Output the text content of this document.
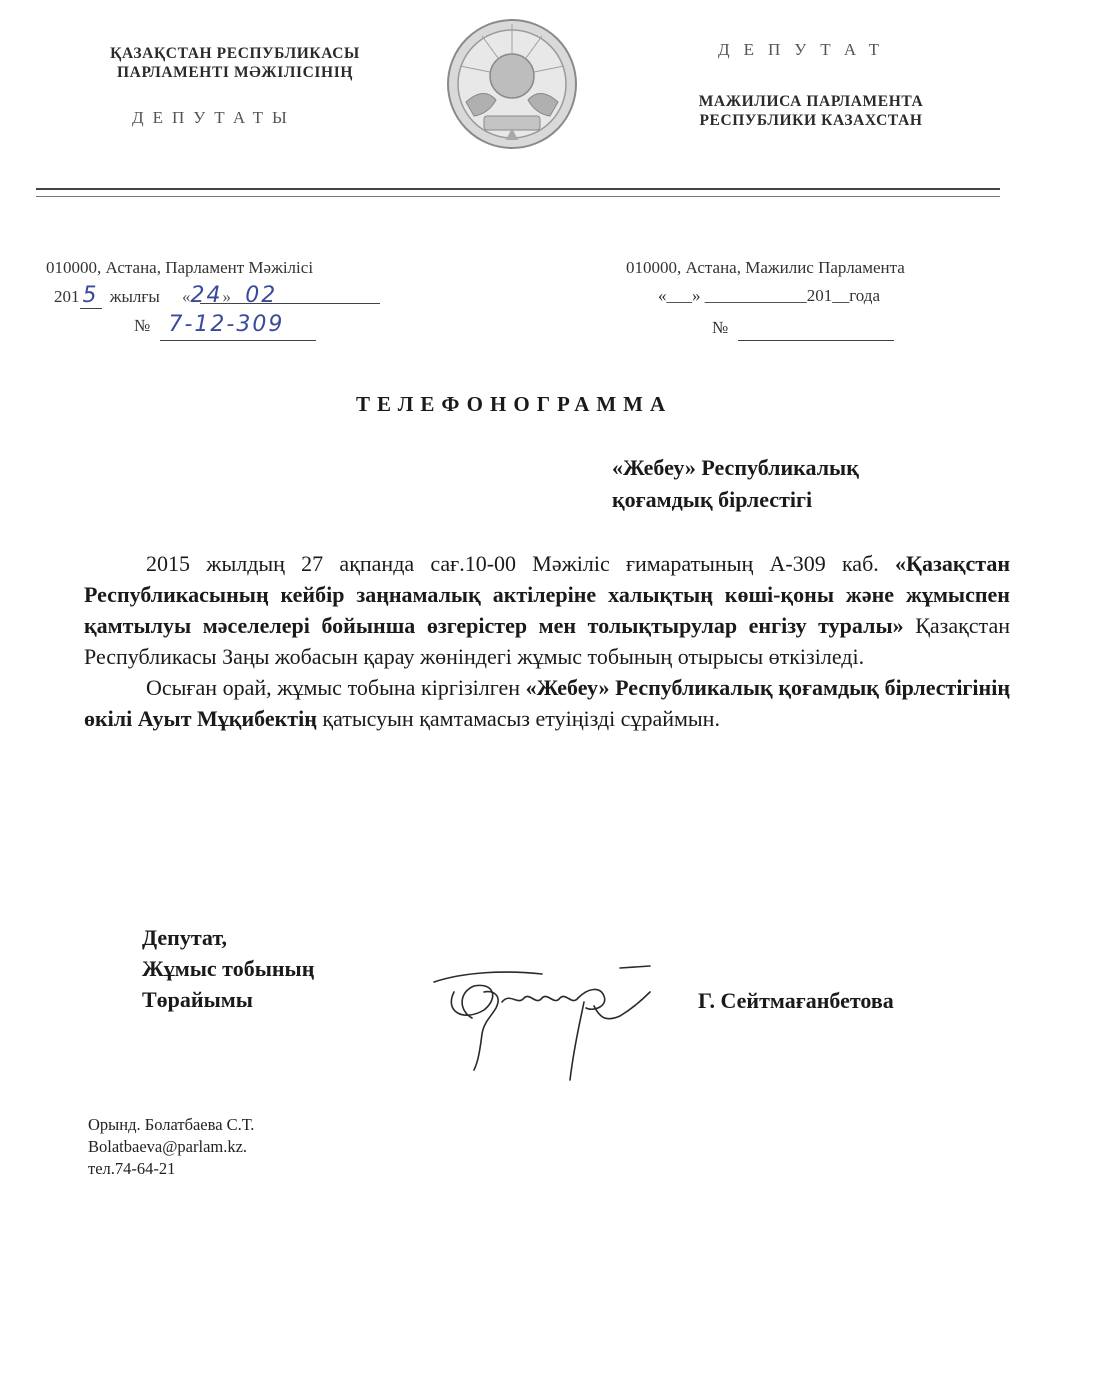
ҚАЗАҚСТАН РЕСПУБЛИКАСЫ
ПАРЛАМЕНТІ МӘЖІЛІСІНІҢ
ДЕПУТАТЫ
ДЕПУТАТ
МАЖИЛИСА ПАРЛАМЕНТА
РЕСПУБЛИКИ КАЗАХСТАН
010000, Астана, Парламент Мәжілісі
201 5 жылғы «24» 02
№ 7-12-309
010000, Астана, Мажилис Парламента
«___» ____________201__года
№
ТЕЛЕФОНОГРАММА
«Жебеу» Республикалық
қоғамдық бірлестігі

2015 жылдың 27 ақпанда сағ.10-00 Мәжіліс ғимаратының А-309 каб. «Қазақстан Республикасының кейбір заңнамалық актілеріне халықтың көші-қоны және жұмыспен қамтылуы мәселелері бойынша өзгерістер мен толықтырулар енгізу туралы» Қазақстан Республикасы Заңы жобасын қарау жөніндегі жұмыс тобының отырысы өткізіледі.

Осыған орай, жұмыс тобына кіргізілген «Жебеу» Республикалық қоғамдық бірлестігінің өкілі Ауыт Мұқибектің қатысуын қамтамасыз етуіңізді сұраймын.

Депутат,
Жұмыс тобының
Төрайымы	Г. Сейтмағанбетова
Орынд. Болатбаева С.Т.
Bolatbaeva@parlam.kz.
тел.74-64-21
